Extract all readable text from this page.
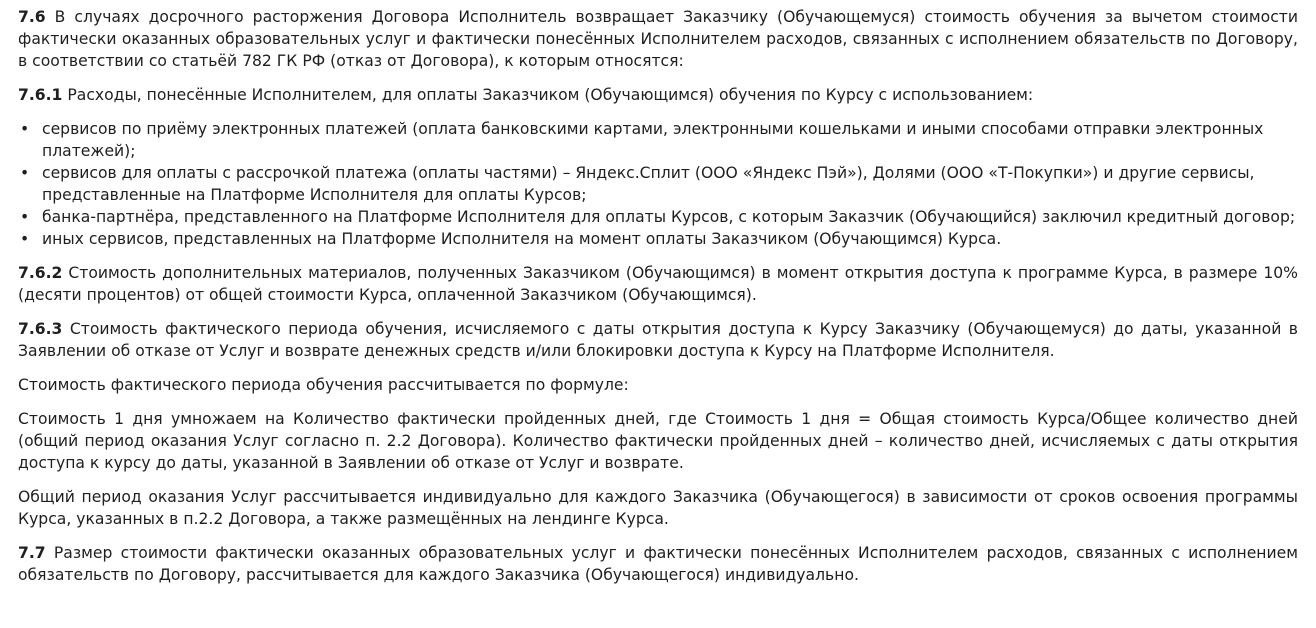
7.6 В случаях досрочного расторжения Договора Исполнитель возвращает Заказчику (Обучающемуся) стоимость обучения за вычетом стоимости фактически оказанных образовательных услуг и фактически понесённых Исполнителем расходов, связанных с исполнением обязательств по Договору, в соответствии со статьёй 782 ГК РФ (отказ от Договора), к которым относятся:

7.6.1 Расходы, понесённые Исполнителем, для оплаты Заказчиком (Обучающимся) обучения по Курсу с использованием:

• сервисов по приёму электронных платежей (оплата банковскими картами, электронными кошельками и иными способами отправки электронных платежей);
• сервисов для оплаты с рассрочкой платежа (оплаты частями) – Яндекс.Сплит (ООО «Яндекс Пэй»), Долями (ООО «Т-Покупки») и другие сервисы, представленные на Платформе Исполнителя для оплаты Курсов;
• банка-партнёра, представленного на Платформе Исполнителя для оплаты Курсов, с которым Заказчик (Обучающийся) заключил кредитный договор;
• иных сервисов, представленных на Платформе Исполнителя на момент оплаты Заказчиком (Обучающимся) Курса.

7.6.2 Стоимость дополнительных материалов, полученных Заказчиком (Обучающимся) в момент открытия доступа к программе Курса, в размере 10% (десяти процентов) от общей стоимости Курса, оплаченной Заказчиком (Обучающимся).

7.6.3 Стоимость фактического периода обучения, исчисляемого с даты открытия доступа к Курсу Заказчику (Обучающемуся) до даты, указанной в Заявлении об отказе от Услуг и возврате денежных средств и/или блокировки доступа к Курсу на Платформе Исполнителя.

Стоимость фактического периода обучения рассчитывается по формуле:

Стоимость 1 дня умножаем на Количество фактически пройденных дней, где Стоимость 1 дня = Общая стоимость Курса/Общее количество дней (общий период оказания Услуг согласно п. 2.2 Договора). Количество фактически пройденных дней – количество дней, исчисляемых с даты открытия доступа к курсу до даты, указанной в Заявлении об отказе от Услуг и возврате.

Общий период оказания Услуг рассчитывается индивидуально для каждого Заказчика (Обучающегося) в зависимости от сроков освоения программы Курса, указанных в п.2.2 Договора, а также размещённых на лендинге Курса.

7.7 Размер стоимости фактически оказанных образовательных услуг и фактически понесённых Исполнителем расходов, связанных с исполнением обязательств по Договору, рассчитывается для каждого Заказчика (Обучающегося) индивидуально.
